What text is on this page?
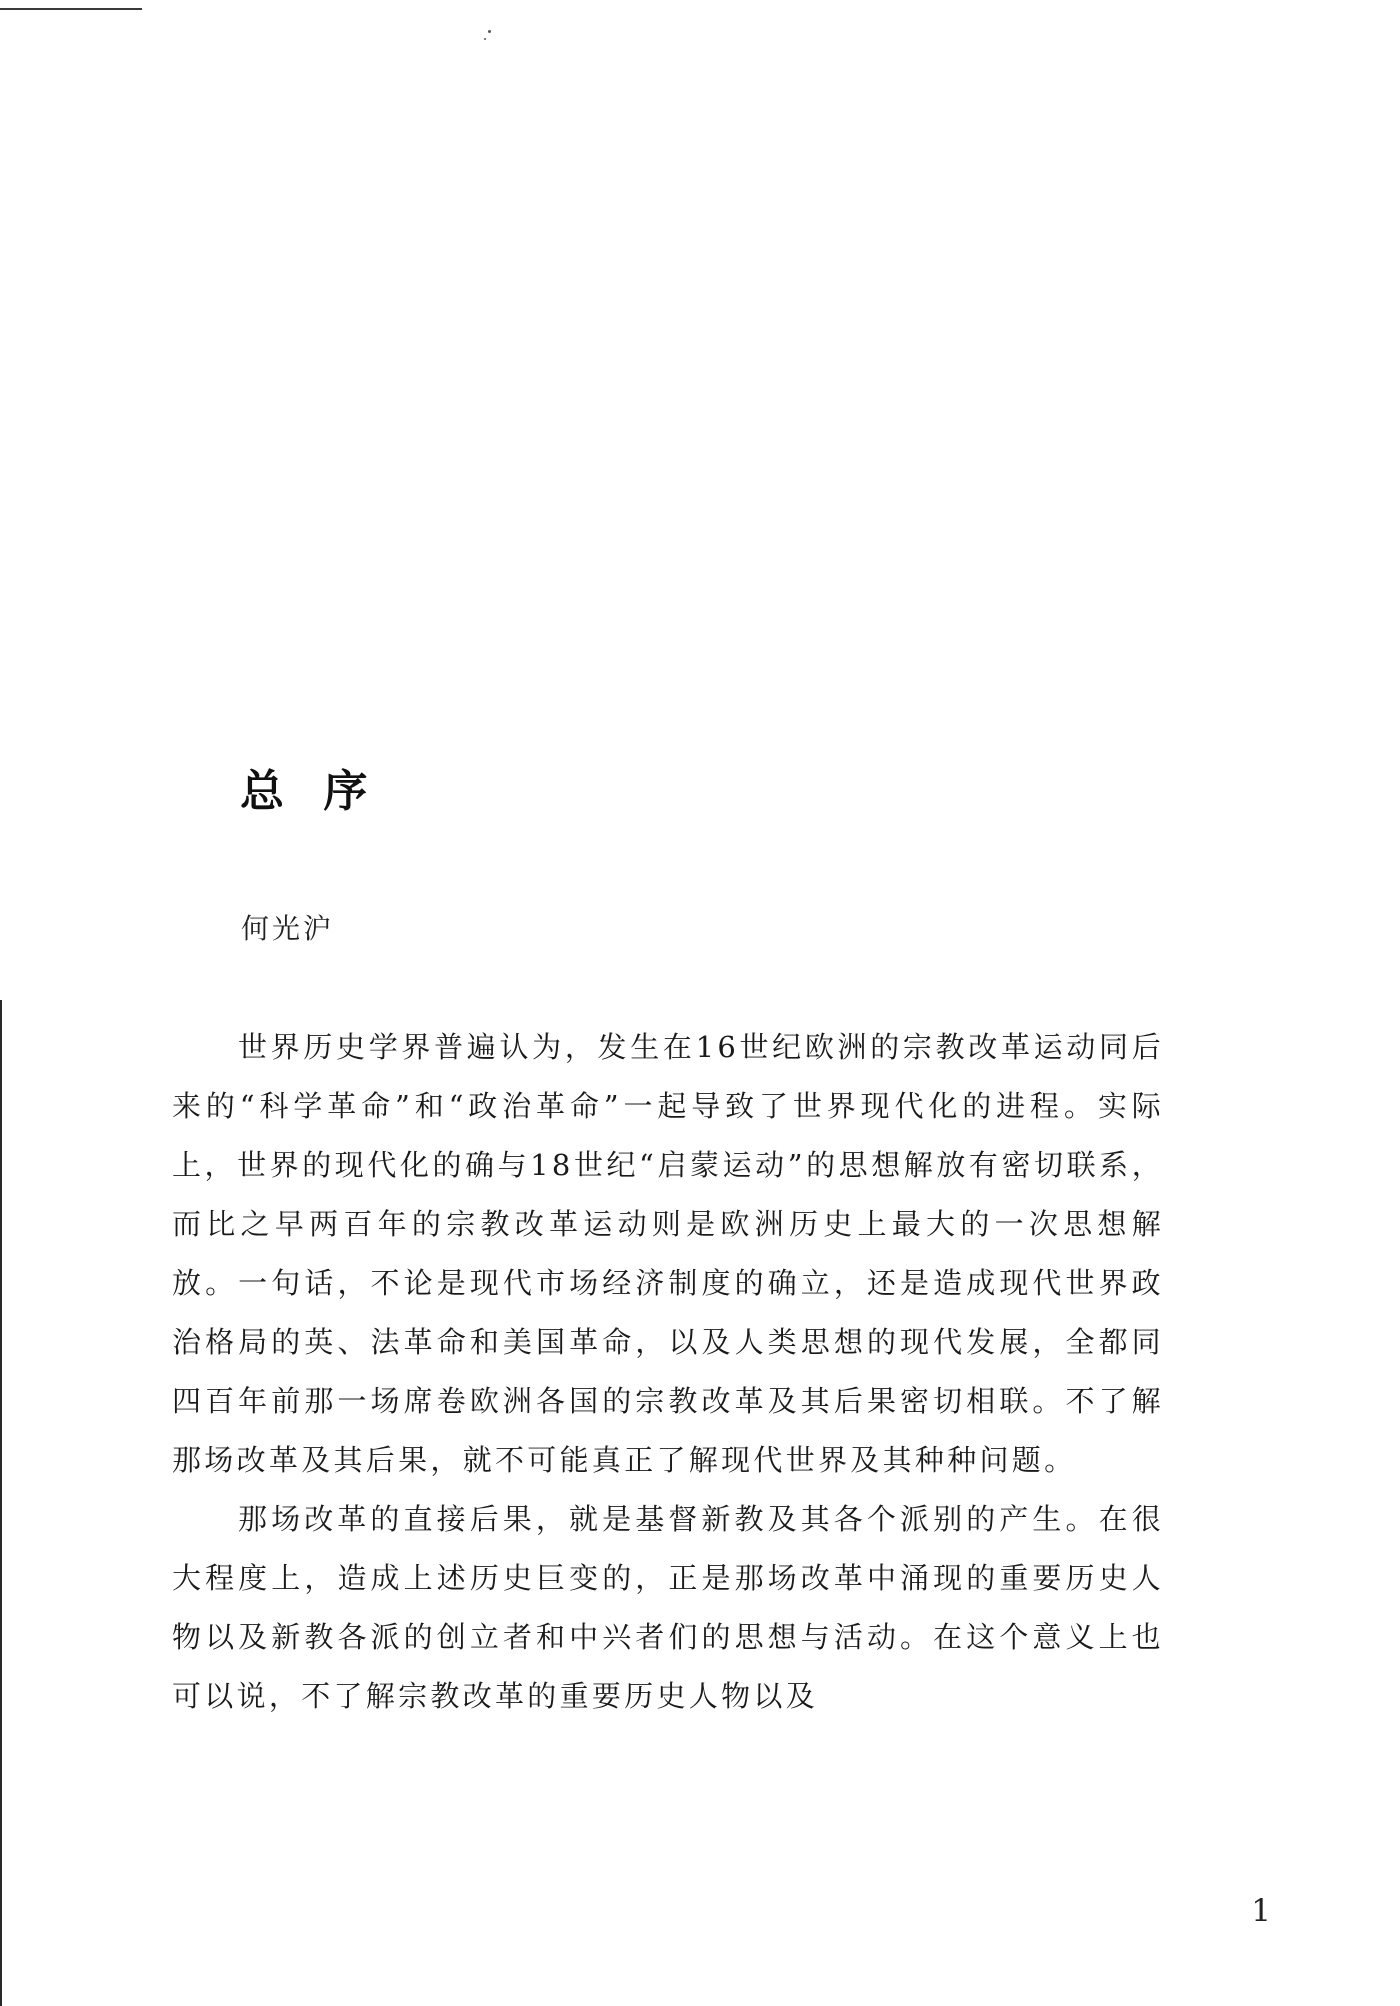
总 序

何光沪

世界历史学界普遍认为，发生在16世纪欧洲的宗教改革运动同后来的“科学革命”和“政治革命”一起导致了世界现代化的进程。实际上，世界的现代化的确与18世纪“启蒙运动”的思想解放有密切联系，而比之早两百年的宗教改革运动则是欧洲历史上最大的一次思想解放。一句话，不论是现代市场经济制度的确立，还是造成现代世界政治格局的英、法革命和美国革命，以及人类思想的现代发展，全都同四百年前那一场席卷欧洲各国的宗教改革及其后果密切相联。不了解那场改革及其后果，就不可能真正了解现代世界及其种种问题。

那场改革的直接后果，就是基督新教及其各个派别的产生。在很大程度上，造成上述历史巨变的，正是那场改革中涌现的重要历史人物以及新教各派的创立者和中兴者们的思想与活动。在这个意义上也可以说，不了解宗教改革的重要历史人物以及

1
